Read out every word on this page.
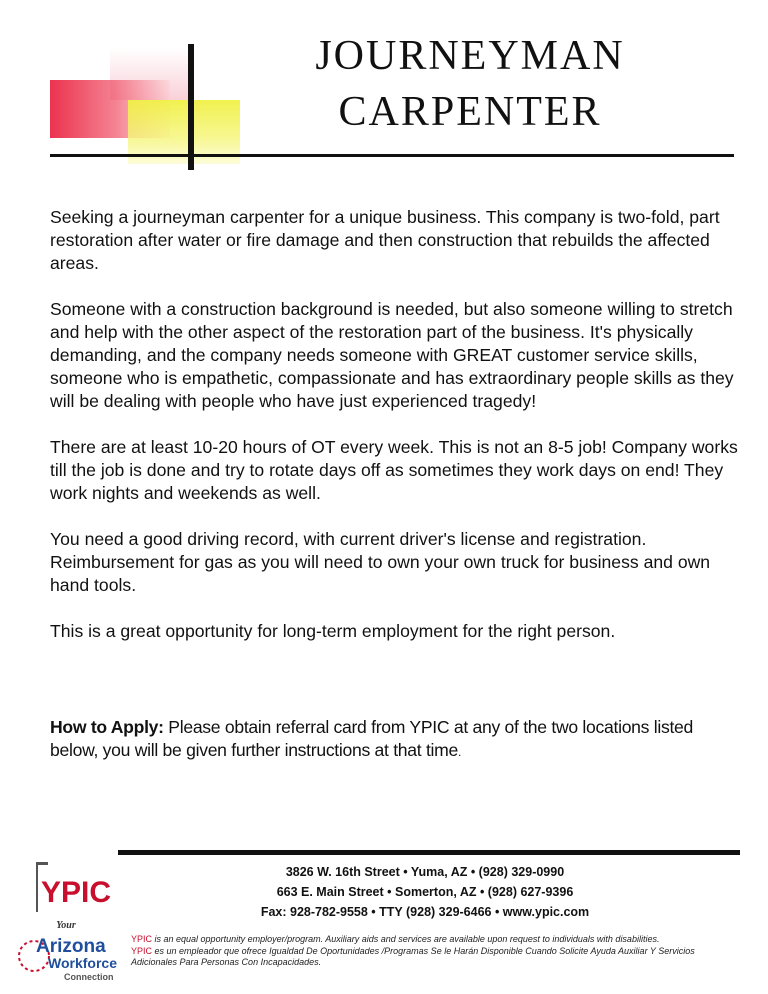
JOURNEYMAN
CARPENTER

Seeking a journeyman carpenter for a unique business. This company is two-fold, part restoration after water or fire damage and then construction that rebuilds the affected areas.

Someone with a construction background is needed, but also someone willing to stretch and help with the other aspect of the restoration part of the business. It's physically demanding, and the company needs someone with GREAT customer service skills, someone who is empathetic, compassionate and has extraordinary people skills as they will be dealing with people who have just experienced tragedy!

There are at least 10-20 hours of OT every week. This is not an 8-5 job! Company works till the job is done and try to rotate days off as sometimes they work days on end! They work nights and weekends as well.

You need a good driving record, with current driver's license and registration. Reimbursement for gas as you will need to own your own truck for business and own hand tools.

This is a great opportunity for long-term employment for the right person.

How to Apply: Please obtain referral card from YPIC at any of the two locations listed below, you will be given further instructions at that time.
3826 W. 16th Street • Yuma, AZ • (928) 329-0990
663 E. Main Street • Somerton, AZ • (928) 627-9396
Fax: 928-782-9558 • TTY (928) 329-6466 • www.ypic.com
YPIC
Your
Arizona
Workforce
Connection
YPIC is an equal opportunity employer/program. Auxiliary aids and services are available upon request to individuals with disabilities.
YPIC es un empleador que ofrece Igualdad De Oportunidades /Programas Se le Harán Disponible Cuando Solicite Ayuda Auxiliar Y Servicios Adicionales Para Personas Con Incapacidades.
